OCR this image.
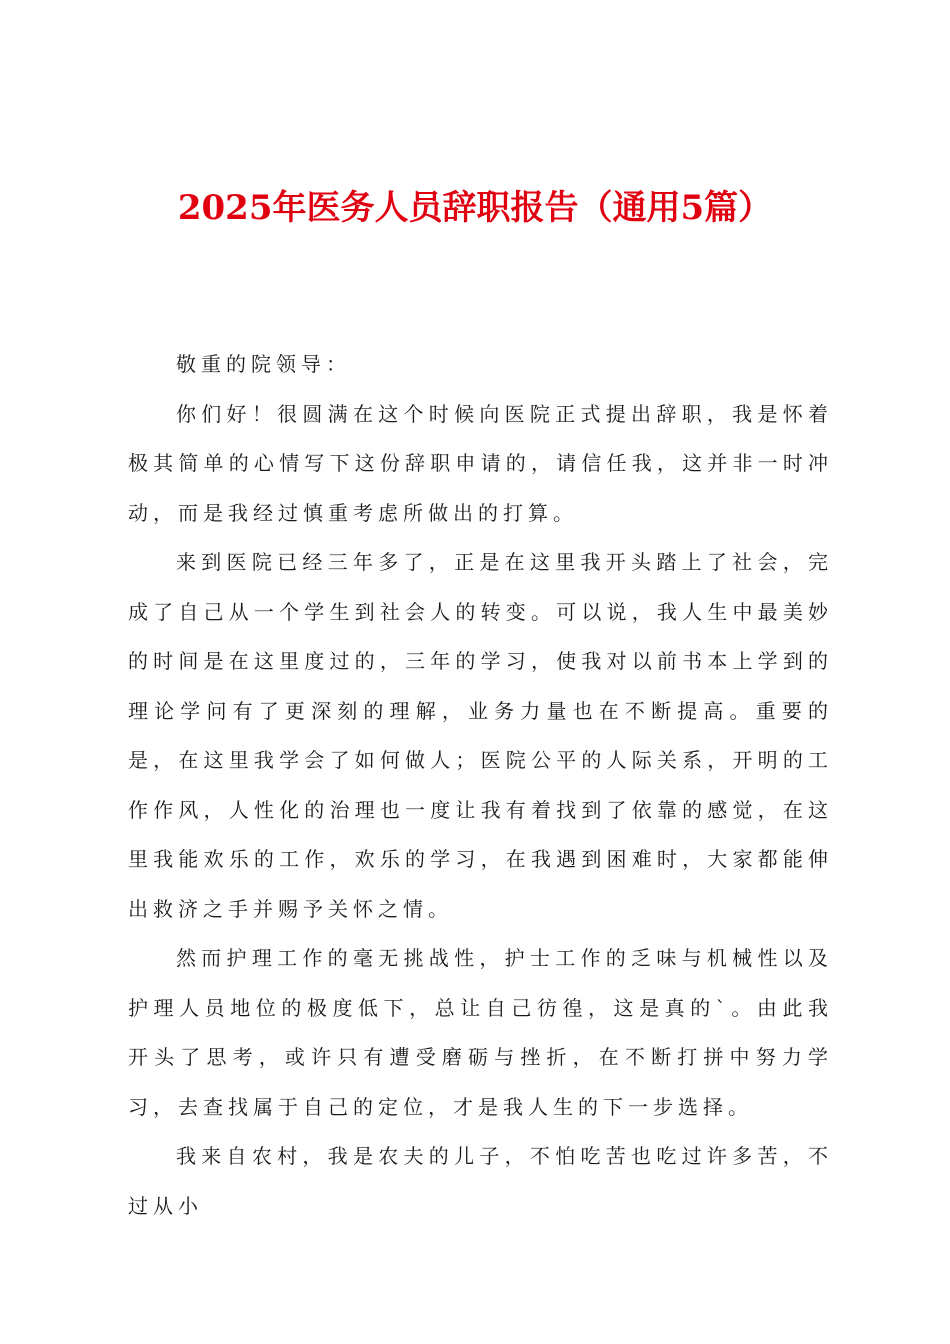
2025年医务人员辞职报告（通用5篇）

敬重的院领导：

你们好！很圆满在这个时候向医院正式提出辞职，我是怀着极其简单的心情写下这份辞职申请的，请信任我，这并非一时冲动，而是我经过慎重考虑所做出的打算。

来到医院已经三年多了，正是在这里我开头踏上了社会，完成了自己从一个学生到社会人的转变。可以说，我人生中最美妙的时间是在这里度过的，三年的学习，使我对以前书本上学到的理论学问有了更深刻的理解，业务力量也在不断提高。重要的是，在这里我学会了如何做人；医院公平的人际关系，开明的工作作风，人性化的治理也一度让我有着找到了依靠的感觉，在这里我能欢乐的工作，欢乐的学习，在我遇到困难时，大家都能伸出救济之手并赐予关怀之情。

然而护理工作的毫无挑战性，护士工作的乏味与机械性以及护理人员地位的极度低下，总让自己彷徨，这是真的`。由此我开头了思考，或许只有遭受磨砺与挫折，在不断打拼中努力学习，去查找属于自己的定位，才是我人生的下一步选择。

我来自农村，我是农夫的儿子，不怕吃苦也吃过许多苦，不过从小
